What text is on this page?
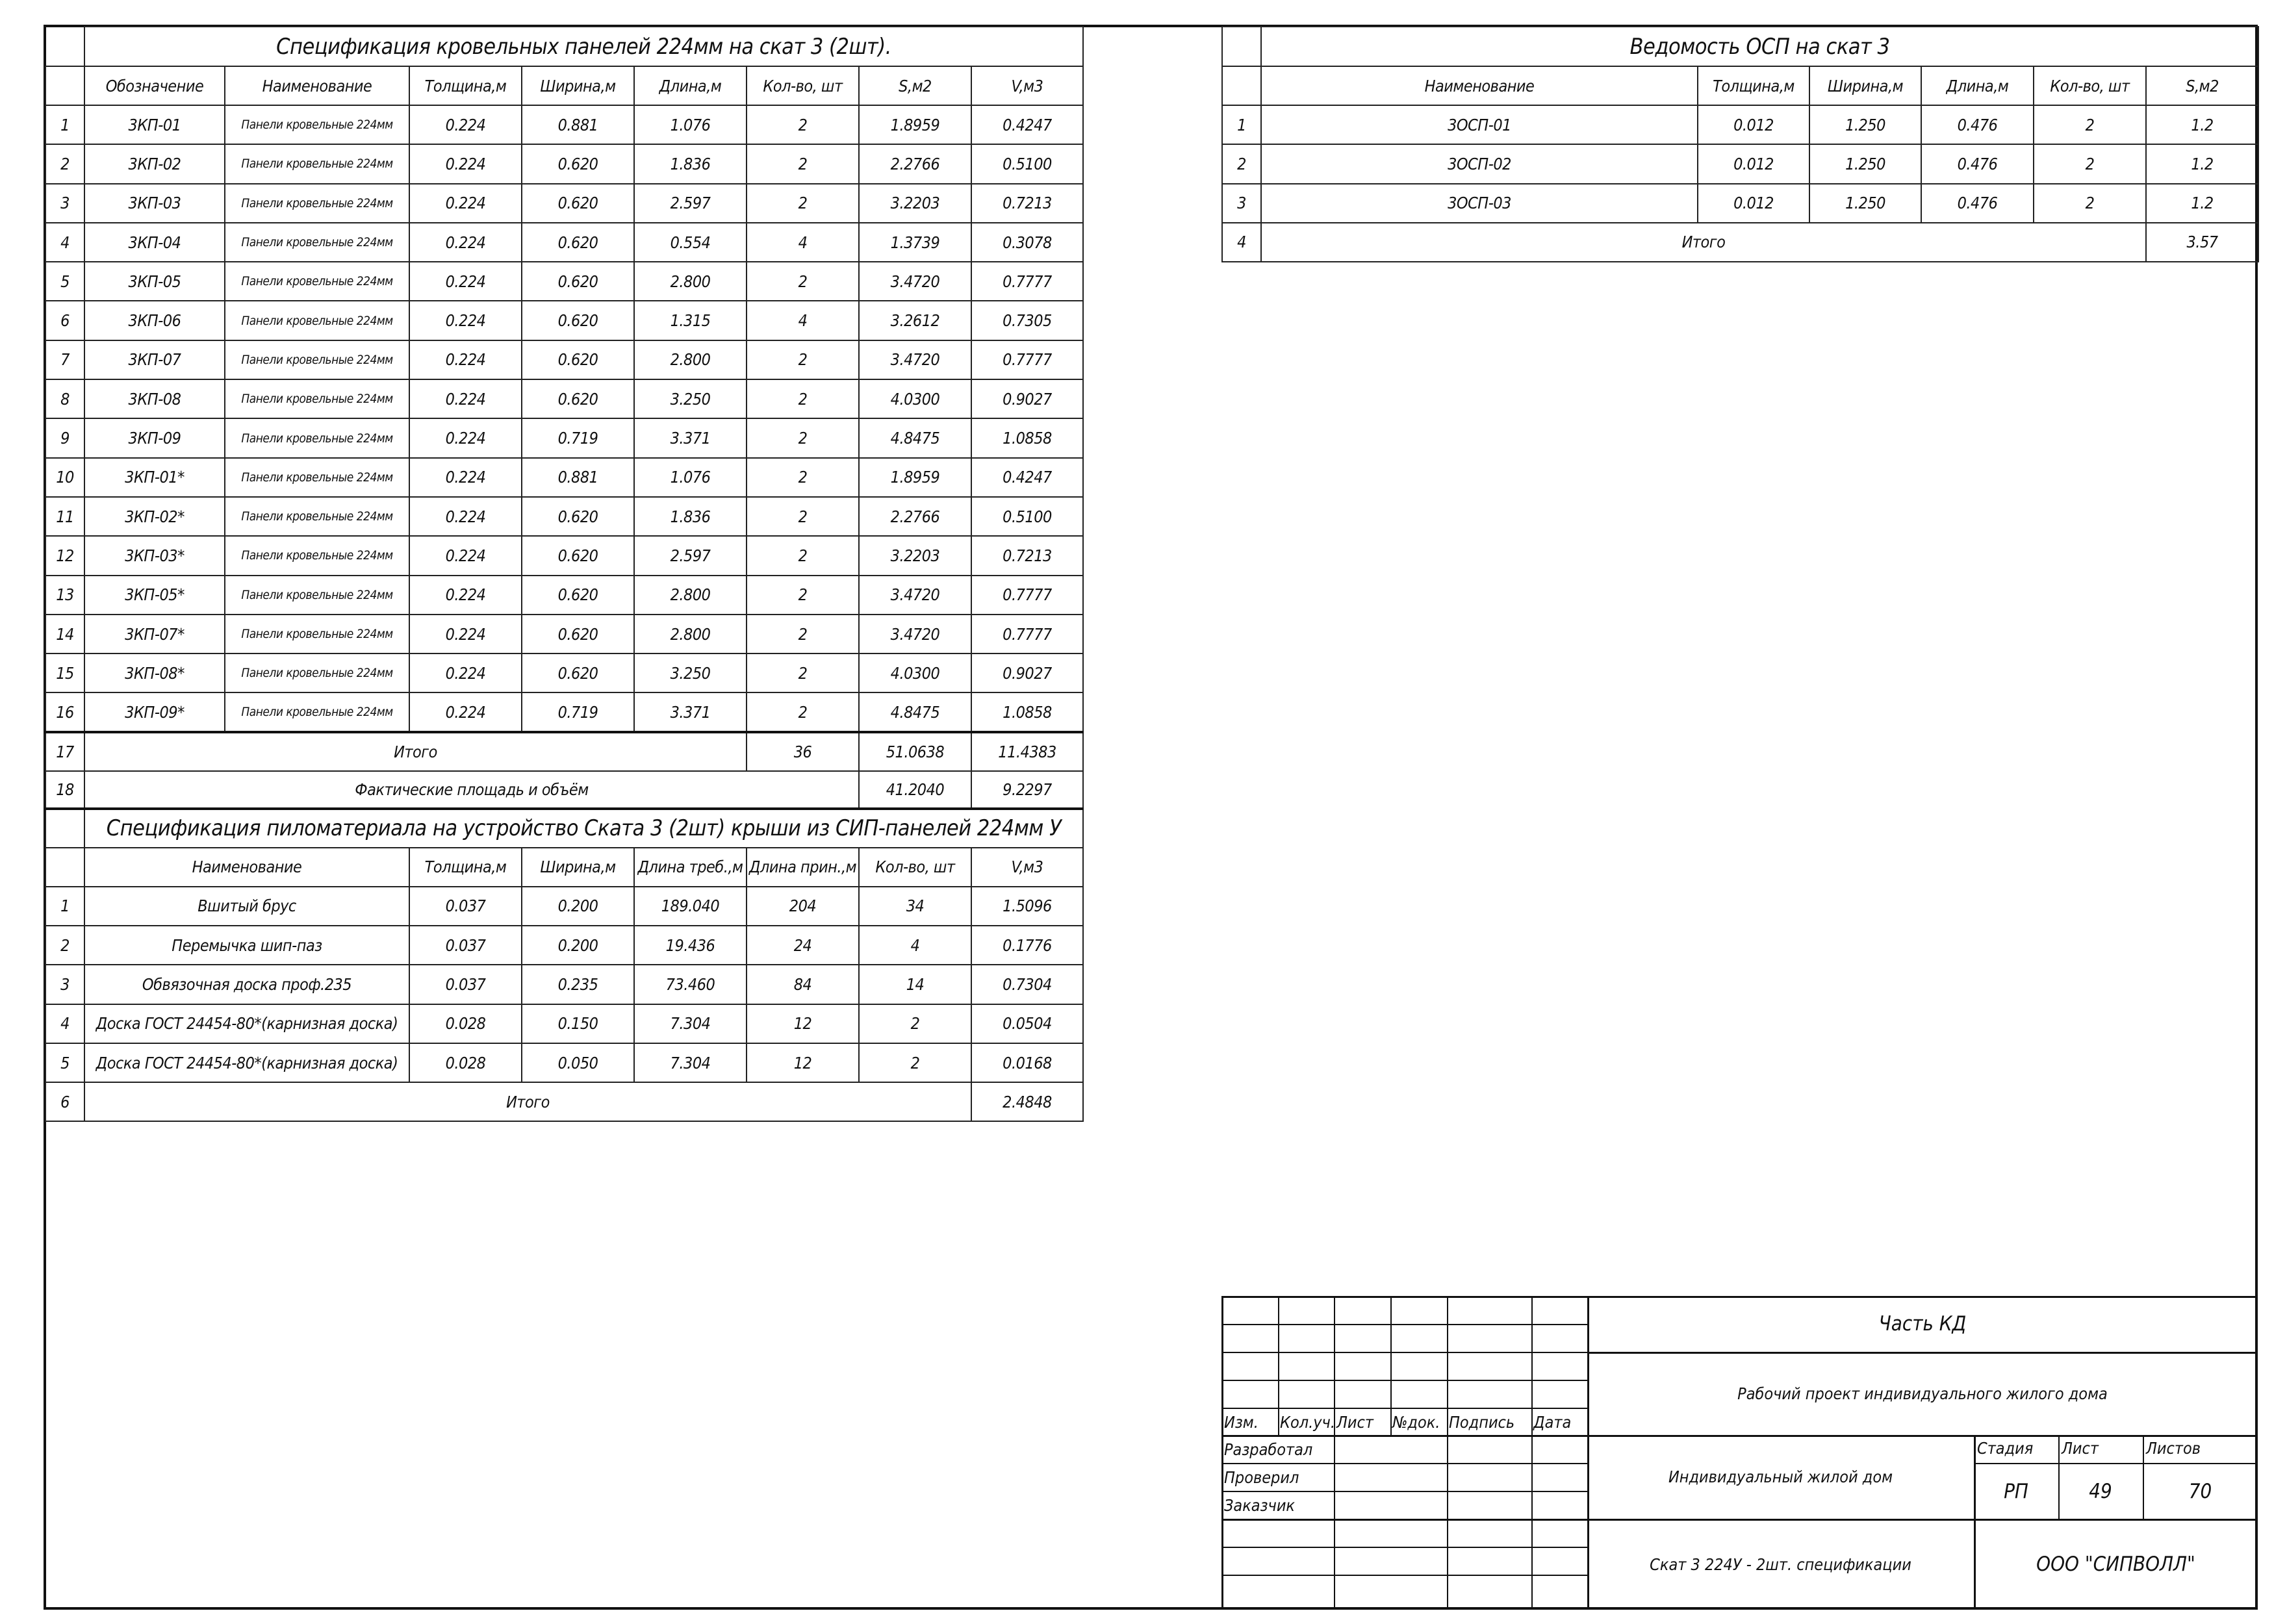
	Спецификация кровельных панелей 224мм на скат 3 (2шт).							
	Обозначение	Наименование	Толщина,м	Ширина,м	Длина,м	Кол-во, шт	S,м2	V,м3
1	3КП-01	Панели кровельные 224мм	0.224	0.881	1.076	2	1.8959	0.4247
2	3КП-02	Панели кровельные 224мм	0.224	0.620	1.836	2	2.2766	0.5100
3	3КП-03	Панели кровельные 224мм	0.224	0.620	2.597	2	3.2203	0.7213
4	3КП-04	Панели кровельные 224мм	0.224	0.620	0.554	4	1.3739	0.3078
5	3КП-05	Панели кровельные 224мм	0.224	0.620	2.800	2	3.4720	0.7777
6	3КП-06	Панели кровельные 224мм	0.224	0.620	1.315	4	3.2612	0.7305
7	3КП-07	Панели кровельные 224мм	0.224	0.620	2.800	2	3.4720	0.7777
8	3КП-08	Панели кровельные 224мм	0.224	0.620	3.250	2	4.0300	0.9027
9	3КП-09	Панели кровельные 224мм	0.224	0.719	3.371	2	4.8475	1.0858
10	3КП-01*	Панели кровельные 224мм	0.224	0.881	1.076	2	1.8959	0.4247
11	3КП-02*	Панели кровельные 224мм	0.224	0.620	1.836	2	2.2766	0.5100
12	3КП-03*	Панели кровельные 224мм	0.224	0.620	2.597	2	3.2203	0.7213
13	3КП-05*	Панели кровельные 224мм	0.224	0.620	2.800	2	3.4720	0.7777
14	3КП-07*	Панели кровельные 224мм	0.224	0.620	2.800	2	3.4720	0.7777
15	3КП-08*	Панели кровельные 224мм	0.224	0.620	3.250	2	4.0300	0.9027
16	3КП-09*	Панели кровельные 224мм	0.224	0.719	3.371	2	4.8475	1.0858
17	Итого					36	51.0638	11.4383
18	Фактические площадь и объём						41.2040	9.2297
	Спецификация пиломатериала на устройство Ската 3 (2шт) крыши из СИП-панелей 224мм У							
	Наименование		Толщина,м	Ширина,м	Длина треб.,м	Длина прин.,м	Кол-во, шт	V,м3
1	Вшитый брус		0.037	0.200	189.040	204	34	1.5096
2	Перемычка шип-паз		0.037	0.200	19.436	24	4	0.1776
3	Обвязочная доска проф.235		0.037	0.235	73.460	84	14	0.7304
4	Доска ГОСТ 24454-80*(карнизная доска)		0.028	0.150	7.304	12	2	0.0504
5	Доска ГОСТ 24454-80*(карнизная доска)		0.028	0.050	7.304	12	2	0.0168
6	Итого							2.4848
	Ведомость ОСП на скат 3					
	Наименование	Толщина,м	Ширина,м	Длина,м	Кол-во, шт	S,м2
1	3ОСП-01	0.012	1.250	0.476	2	1.2
2	3ОСП-02	0.012	1.250	0.476	2	1.2
3	3ОСП-03	0.012	1.250	0.476	2	1.2
4	Итого					3.57
Изм. Кол.уч. Лист №док. Подпись Дата
Разработал
Проверил
Заказчик
Часть КД
Рабочий проект индивидуального жилого дома
Индивидуальный жилой дом
Скат 3 224У - 2шт. спецификации	ООО "СИПВОЛЛ"
Стадия Лист	Листов
РП	49	70
